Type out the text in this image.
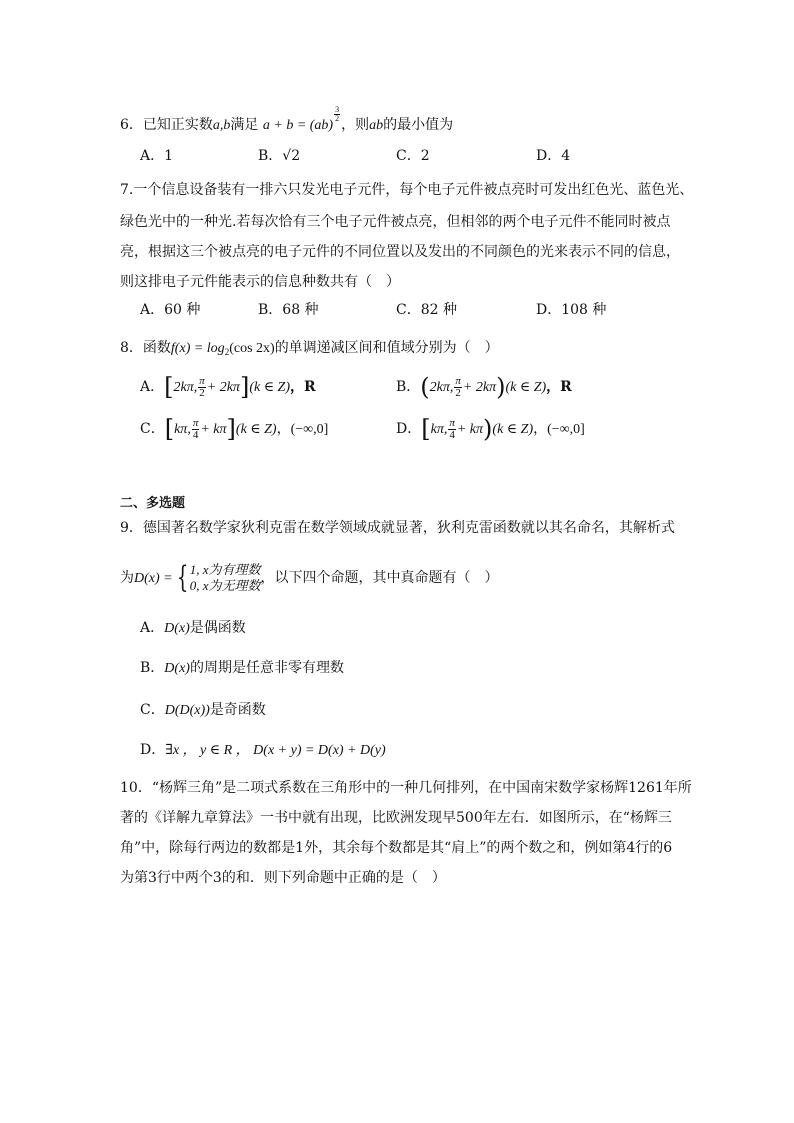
6．已知正实数a,b满足 a + b = (ab)
$\frac{3}{2}$
，则ab的最小值为
A．1	B．√2	C．2	D．4
7.一个信息设备装有一排六只发光电子元件，每个电子元件被点亮时可发出红色光、蓝色光、
绿色光中的一种光.若每次恰有三个电子元件被点亮，但相邻的两个电子元件不能同时被点
亮，根据这三个被点亮的电子元件的不同位置以及发出的不同颜色的光来表示不同的信息，
则这排电子元件能表示的信息种数共有（　）
A．60 种	B．68 种	C．82 种	D．108 种
8．函数$f(x) = \log_2(\cos$ 2x)的单调递减区间和值域分别为（　）
A．[2kπ, $\frac{\pi}{2} + 2k\pi](k$ ∈ Z)，R	B．(2kπ, $\frac{\pi}{2} + 2k\pi)(k$ ∈ Z)，R
C．[kπ, $\frac{\pi}{4} + k\pi](k$ ∈ Z)，(−∞,0]	D．[kπ, $\frac{\pi}{4} + k\pi)(k$ ∈ Z)，(−∞,0]
二、多选题
9．德国著名数学家狄利克雷在数学领域成就显著，狄利克雷函数就以其名命名，其解析式
为D(x) = { 1, x为有理数
0, x为无理数 ，以下四个命题，其中真命题有（　）
A．D(x)是偶函数
B．D(x)的周期是任意非零有理数
C．D(D(x))是奇函数
D．∃x ， y ∈ R ， D(x + y) = D(x) + D(y)
10．“杨辉三角”是二项式系数在三角形中的一种几何排列，在中国南宋数学家杨辉1261年所
著的《详解九章算法》一书中就有出现，比欧洲发现早500年左右．如图所示，在“杨辉三
角”中，除每行两边的数都是1外，其余每个数都是其“肩上”的两个数之和，例如第4行的6
为第3行中两个3的和．则下列命题中正确的是（　）
